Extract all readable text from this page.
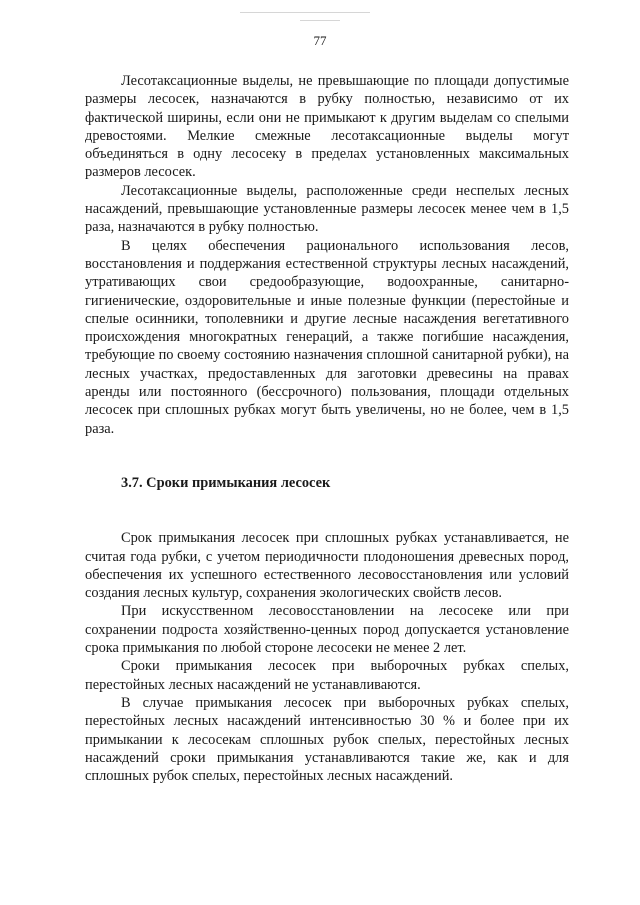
77

Лесотаксационные выделы, не превышающие по площади допустимые размеры лесосек, назначаются в рубку полностью, независимо от их фактической ширины, если они не примыкают к другим выделам со спелыми древостоями. Мелкие смежные лесотаксационные выделы могут объединяться в одну лесосеку в пределах установленных максимальных размеров лесосек.

Лесотаксационные выделы, расположенные среди неспелых лесных насаждений, превышающие установленные размеры лесосек менее чем в 1,5 раза, назначаются в рубку полностью.

В целях обеспечения рационального использования лесов, восстановления и поддержания естественной структуры лесных насаждений, утративающих свои средообразующие, водоохранные, санитарно-гигиенические, оздоровительные и иные полезные функции (перестойные и спелые осинники, тополевники и другие лесные насаждения вегетативного происхождения многократных генераций, а также погибшие насаждения, требующие по своему состоянию назначения сплошной санитарной рубки), на лесных участках, предоставленных для заготовки древесины на правах аренды или постоянного (бессрочного) пользования, площади отдельных лесосек при сплошных рубках могут быть увеличены, но не более, чем в 1,5 раза.

3.7. Сроки примыкания лесосек

Срок примыкания лесосек при сплошных рубках устанавливается, не считая года рубки, с учетом периодичности плодоношения древесных пород, обеспечения их успешного естественного лесовосстановления или условий создания лесных культур, сохранения экологических свойств лесов.

При искусственном лесовосстановлении на лесосеке или при сохранении подроста хозяйственно-ценных пород допускается установление срока примыкания по любой стороне лесосеки не менее 2 лет.

Сроки примыкания лесосек при выборочных рубках спелых, перестойных лесных насаждений не устанавливаются.

В случае примыкания лесосек при выборочных рубках спелых, перестойных лесных насаждений интенсивностью 30 % и более при их примыкании к лесосекам сплошных рубок спелых, перестойных лесных насаждений сроки примыкания устанавливаются такие же, как и для сплошных рубок спелых, перестойных лесных насаждений.
